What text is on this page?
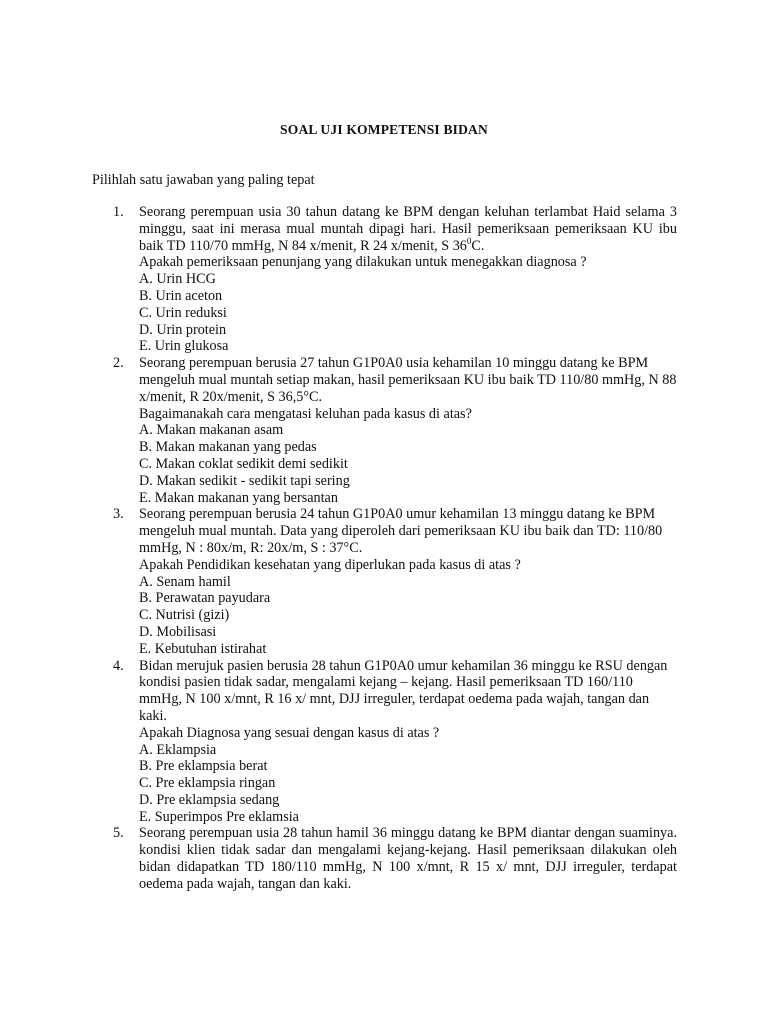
SOAL UJI KOMPETENSI BIDAN
Pilihlah satu jawaban yang paling tepat
1. Seorang perempuan usia 30 tahun datang ke BPM dengan keluhan terlambat Haid selama 3 minggu, saat ini merasa mual muntah dipagi hari. Hasil pemeriksaan pemeriksaan KU ibu baik TD 110/70 mmHg, N 84 x/menit, R 24 x/menit, S $36^0C$.
Apakah pemeriksaan penunjang yang dilakukan untuk menegakkan diagnosa ?
A. Urin HCG
B. Urin aceton
C. Urin reduksi
D. Urin protein
E. Urin glukosa
2. Seorang perempuan berusia 27 tahun G1P0A0 usia kehamilan 10 minggu datang ke BPM mengeluh mual muntah setiap makan, hasil pemeriksaan KU ibu baik TD 110/80 mmHg, N 88 x/menit, R 20x/menit, S 36,5°C.
Bagaimanakah cara mengatasi keluhan pada kasus di atas?
A. Makan makanan asam
B. Makan makanan yang pedas
C. Makan coklat sedikit demi sedikit
D. Makan sedikit - sedikit tapi sering
E. Makan makanan yang bersantan
3. Seorang perempuan berusia 24 tahun G1P0A0 umur kehamilan 13 minggu datang ke BPM mengeluh mual muntah. Data yang diperoleh dari pemeriksaan KU ibu baik dan TD: 110/80 mmHg, N : 80x/m, R: 20x/m, S : 37°C.
Apakah Pendidikan kesehatan yang diperlukan pada kasus di atas ?
A. Senam hamil
B. Perawatan payudara
C. Nutrisi (gizi)
D. Mobilisasi
E. Kebutuhan istirahat
4. Bidan merujuk pasien berusia 28 tahun G1P0A0 umur kehamilan 36 minggu ke RSU dengan kondisi pasien tidak sadar, mengalami kejang – kejang. Hasil pemeriksaan TD 160/110 mmHg, N 100 x/mnt, R 16 x/ mnt, DJJ irreguler, terdapat oedema pada wajah, tangan dan kaki.
Apakah Diagnosa yang sesuai dengan kasus di atas ?
A. Eklampsia
B. Pre eklampsia berat
C. Pre eklampsia ringan
D. Pre eklampsia sedang
E. Superimpos Pre eklamsia
5. Seorang perempuan usia 28 tahun hamil 36 minggu datang ke BPM diantar dengan suaminya. kondisi klien tidak sadar dan mengalami kejang-kejang. Hasil pemeriksaan dilakukan oleh bidan didapatkan TD 180/110 mmHg, N 100 x/mnt, R 15 x/ mnt, DJJ irreguler, terdapat oedema pada wajah, tangan dan kaki.
